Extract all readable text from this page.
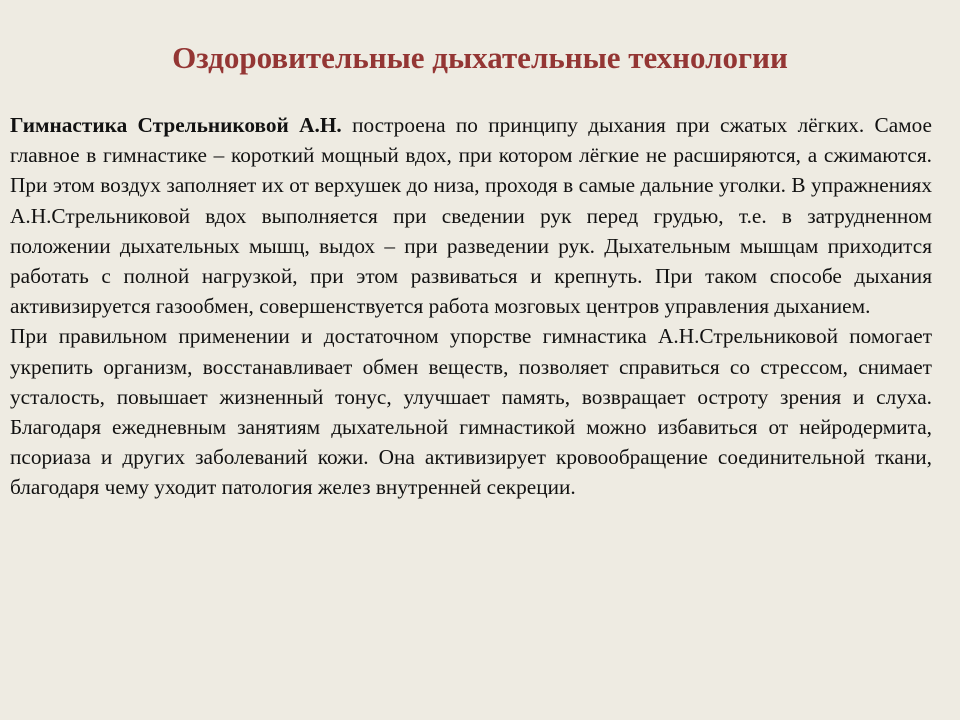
Оздоровительные дыхательные технологии

Гимнастика Стрельниковой А.Н. построена по принципу дыхания при сжатых лёгких. Самое главное в гимнастике – короткий мощный вдох, при котором лёгкие не расширяются, а сжимаются. При этом воздух заполняет их от верхушек до низа, проходя в самые дальние уголки. В упражнениях А.Н.Стрельниковой вдох выполняется при сведении рук перед грудью, т.е. в затрудненном положении дыхательных мышц, выдох – при разведении рук. Дыхательным мышцам приходится работать с полной нагрузкой, при этом развиваться и крепнуть. При таком способе дыхания активизируется газообмен, совершенствуется работа мозговых центров управления дыханием.

При правильном применении и достаточном упорстве гимнастика А.Н.Стрельниковой помогает укрепить организм, восстанавливает обмен веществ, позволяет справиться со стрессом, снимает усталость, повышает жизненный тонус, улучшает память, возвращает остроту зрения и слуха. Благодаря ежедневным занятиям дыхательной гимнастикой можно избавиться от нейродермита, псориаза и других заболеваний кожи. Она активизирует кровообращение соединительной ткани, благодаря чему уходит патология желез внутренней секреции.
